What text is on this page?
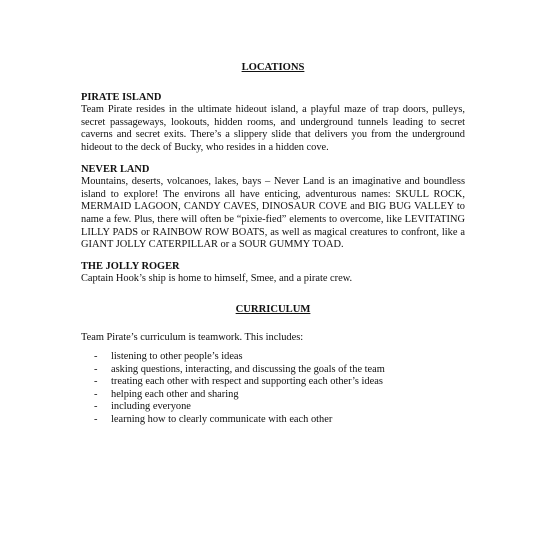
LOCATIONS

PIRATE ISLAND

Team Pirate resides in the ultimate hideout island, a playful maze of trap doors, pulleys, secret passageways, lookouts, hidden rooms, and underground tunnels leading to secret caverns and secret exits. There’s a slippery slide that delivers you from the underground hideout to the deck of Bucky, who resides in a hidden cove.

NEVER LAND

Mountains, deserts, volcanoes, lakes, bays – Never Land is an imaginative and boundless island to explore! The environs all have enticing, adventurous names: SKULL ROCK, MERMAID LAGOON, CANDY CAVES, DINOSAUR COVE and BIG BUG VALLEY to name a few. Plus, there will often be “pixie-fied” elements to overcome, like LEVITATING LILLY PADS or RAINBOW ROW BOATS, as well as magical creatures to confront, like a GIANT JOLLY CATERPILLAR or a SOUR GUMMY TOAD.

THE JOLLY ROGER

Captain Hook’s ship is home to himself, Smee, and a pirate crew.

CURRICULUM

Team Pirate’s curriculum is teamwork. This includes:

- listening to other people’s ideas
- asking questions, interacting, and discussing the goals of the team
- treating each other with respect and supporting each other’s ideas
- helping each other and sharing
- including everyone
- learning how to clearly communicate with each other
